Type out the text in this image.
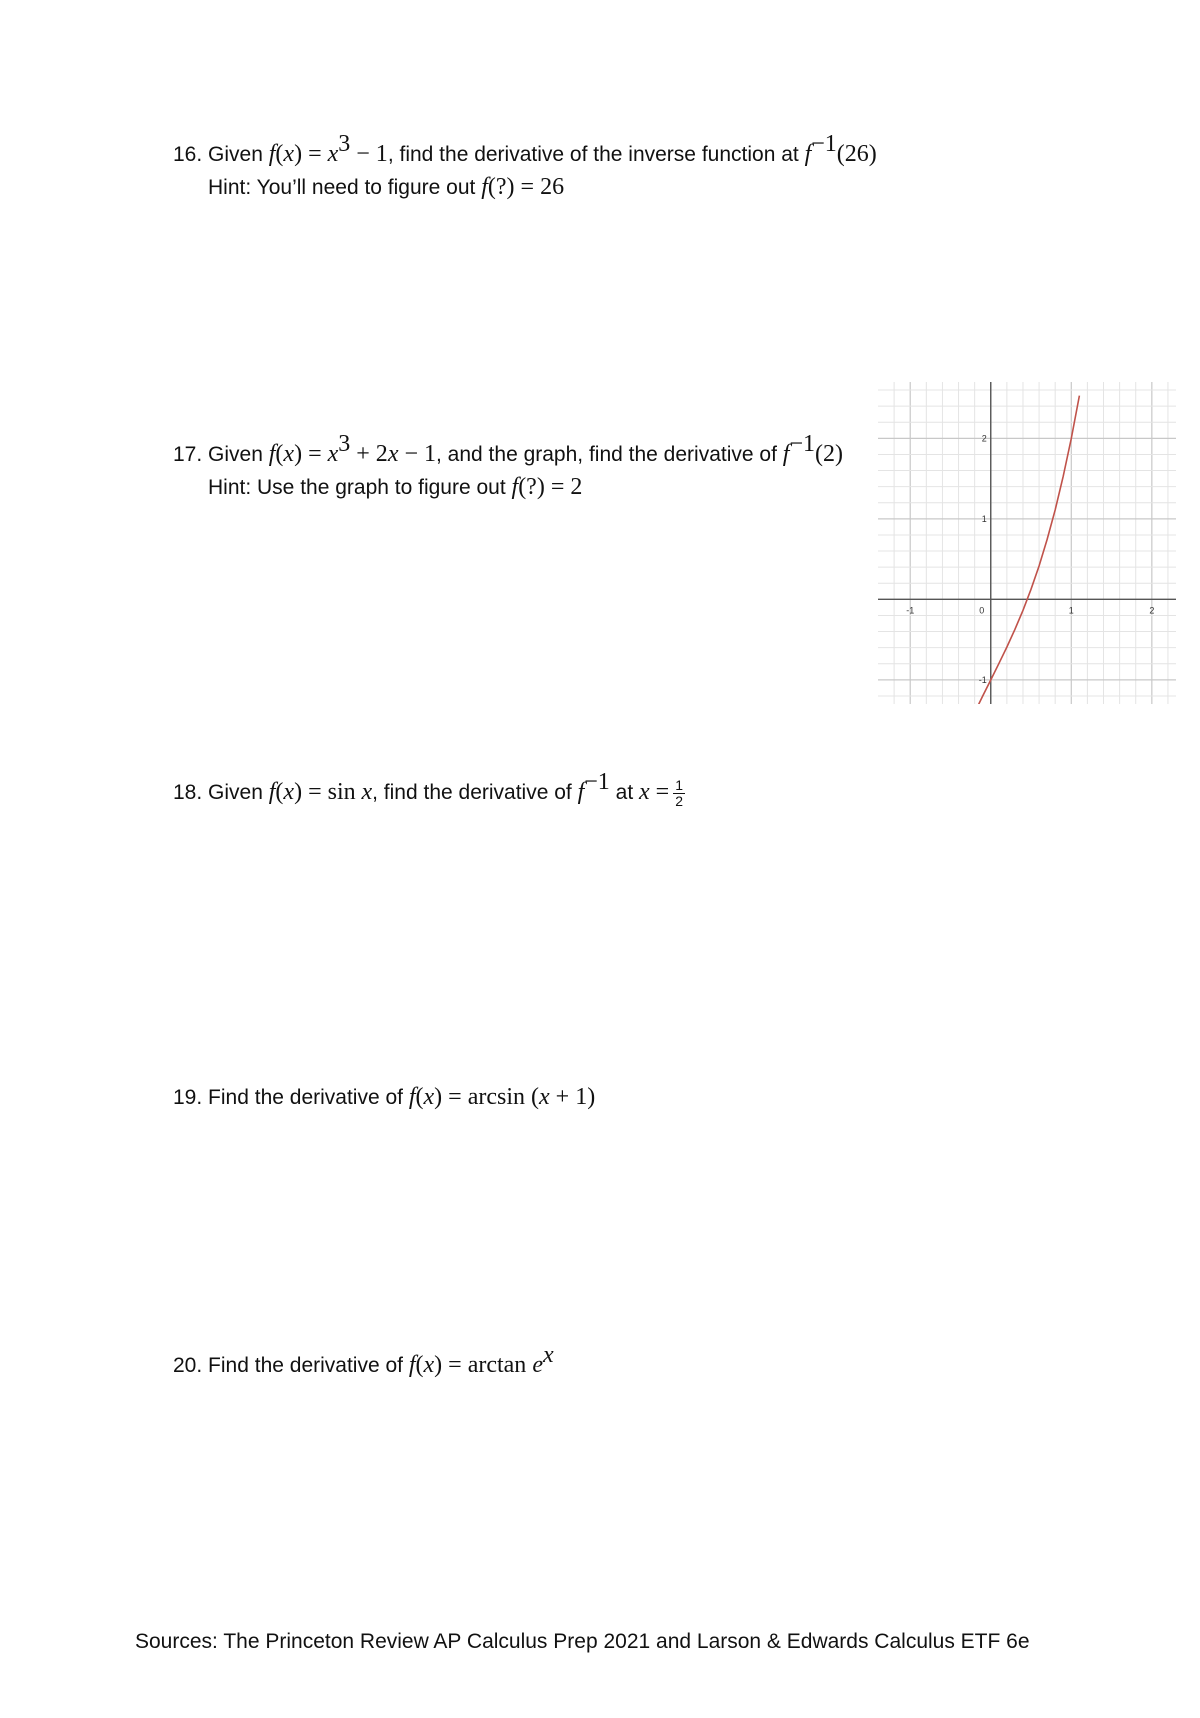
16. Given $f(x) = x^3 - 1$, find the derivative of the inverse function at $f^{-1}(26)$
Hint: You’ll need to figure out f(?) = 26
17. Given $f(x) = x^3 + 2x - 1$, and the graph, find the derivative of $f^{-1}(2)$
Hint: Use the graph to figure out f(?) = 2
-1	0	1	2
-1
1
2
18. Given f(x) = sin x, find the derivative of $f^{-1}$ at $x = \frac{1}{2}$
19. Find the derivative of f(x) = arcsin (x + 1)
20. Find the derivative of $f(x) = \arctan e^x$
Sources: The Princeton Review AP Calculus Prep 2021 and Larson & Edwards Calculus ETF 6e
